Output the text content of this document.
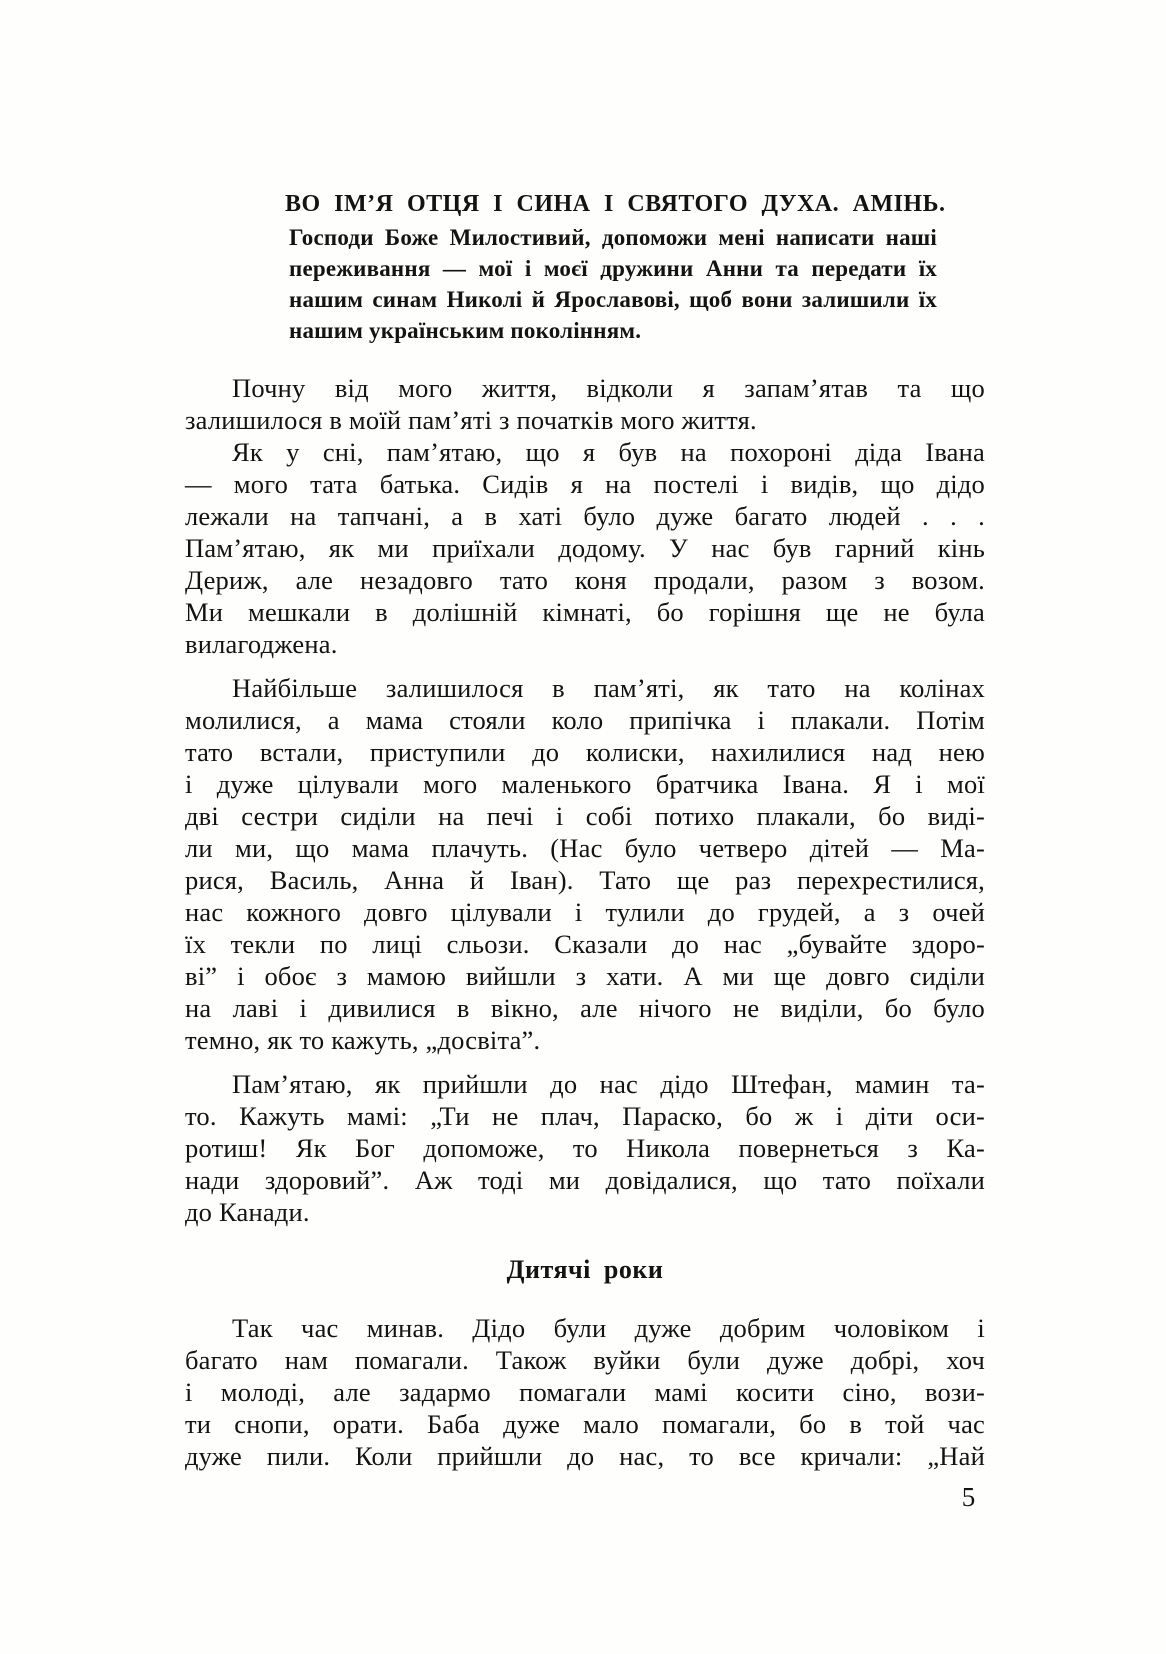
ВО ІМ’Я ОТЦЯ І СИНА І СВЯТОГО ДУХА. АМІНЬ.
Господи Боже Милостивий, допоможи мені написати наші
переживання — мої і моєї дружини Анни та передати їх
нашим синам Николі й Ярославові, щоб вони залишили їх
нашим українським поколінням.
Почну від мого життя, відколи я запам’ятав та що
залишилося в моїй пам’яті з початків мого життя.
Як у сні, пам’ятаю, що я був на похороні діда Івана
— мого тата батька. Сидів я на постелі і видів, що дідо
лежали на тапчані, а в хаті було дуже багато людей . . .
Пам’ятаю, як ми приїхали додому. У нас був гарний кінь
Дериж, але незадовго тато коня продали, разом з возом.
Ми мешкали в долішній кімнаті, бо горішня ще не була
вилагоджена.
Найбільше залишилося в пам’яті, як тато на колінах
молилися, а мама стояли коло припічка і плакали. Потім
тато встали, приступили до колиски, нахилилися над нею
і дуже цілували мого маленького братчика Івана. Я і мої
дві сестри сиділи на печі і собі потихо плакали, бо виді-
ли ми, що мама плачуть. (Нас було четверо дітей — Ма-
рися, Василь, Анна й Іван). Тато ще раз перехрестилися,
нас кожного довго цілували і тулили до грудей, а з очей
їх текли по лиці сльози. Сказали до нас „бувайте здоро-
ві” і обоє з мамою вийшли з хати. А ми ще довго сиділи
на лаві і дивилися в вікно, але нічого не виділи, бо було
темно, як то кажуть, „досвіта”.
Пам’ятаю, як прийшли до нас дідо Штефан, мамин та-
то. Кажуть мамі: „Ти не плач, Параско, бо ж і діти оси-
ротиш! Як Бог допоможе, то Никола повернеться з Ка-
нади здоровий”. Аж тоді ми довідалися, що тато поїхали
до Канади.
Дитячі роки
Так час минав. Дідо були дуже добрим чоловіком і
багато нам помагали. Також вуйки були дуже добрі, хоч
і молоді, але задармо помагали мамі косити сіно, вози-
ти снопи, орати. Баба дуже мало помагали, бо в той час
дуже пили. Коли прийшли до нас, то все кричали: „Най
5
